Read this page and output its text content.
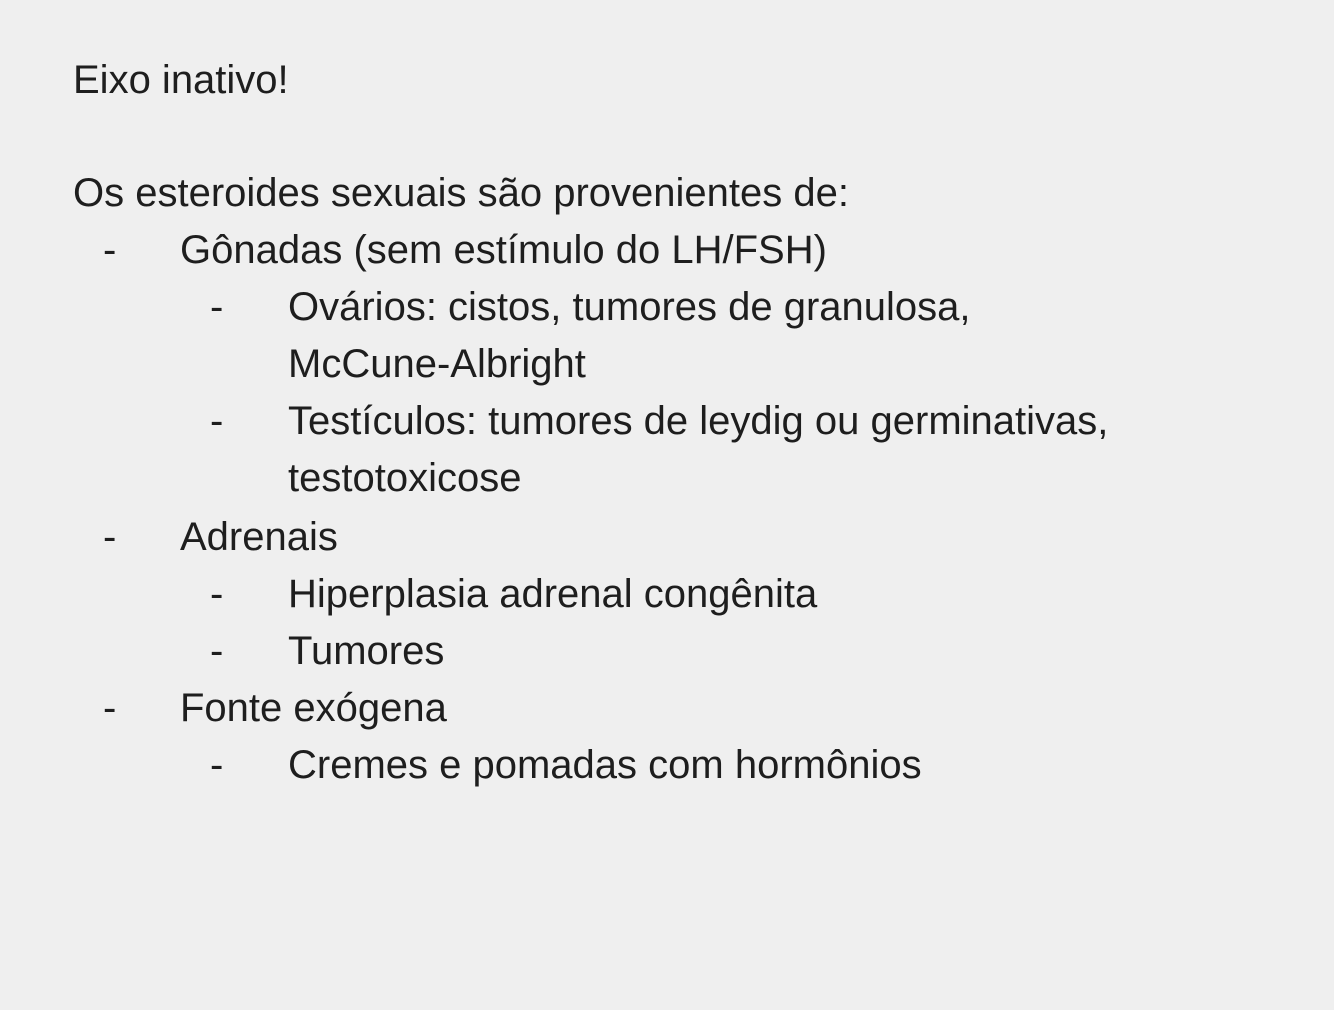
Eixo inativo!
Os esteroides sexuais são provenientes de:
-	Gônadas (sem estímulo do LH/FSH)
-	Ovários: cistos, tumores de granulosa,
McCune-Albright
-	Testículos: tumores de leydig ou germinativas,
testotoxicose
-	Adrenais
-	Hiperplasia adrenal congênita
-	Tumores
-	Fonte exógena
-	Cremes e pomadas com hormônios
